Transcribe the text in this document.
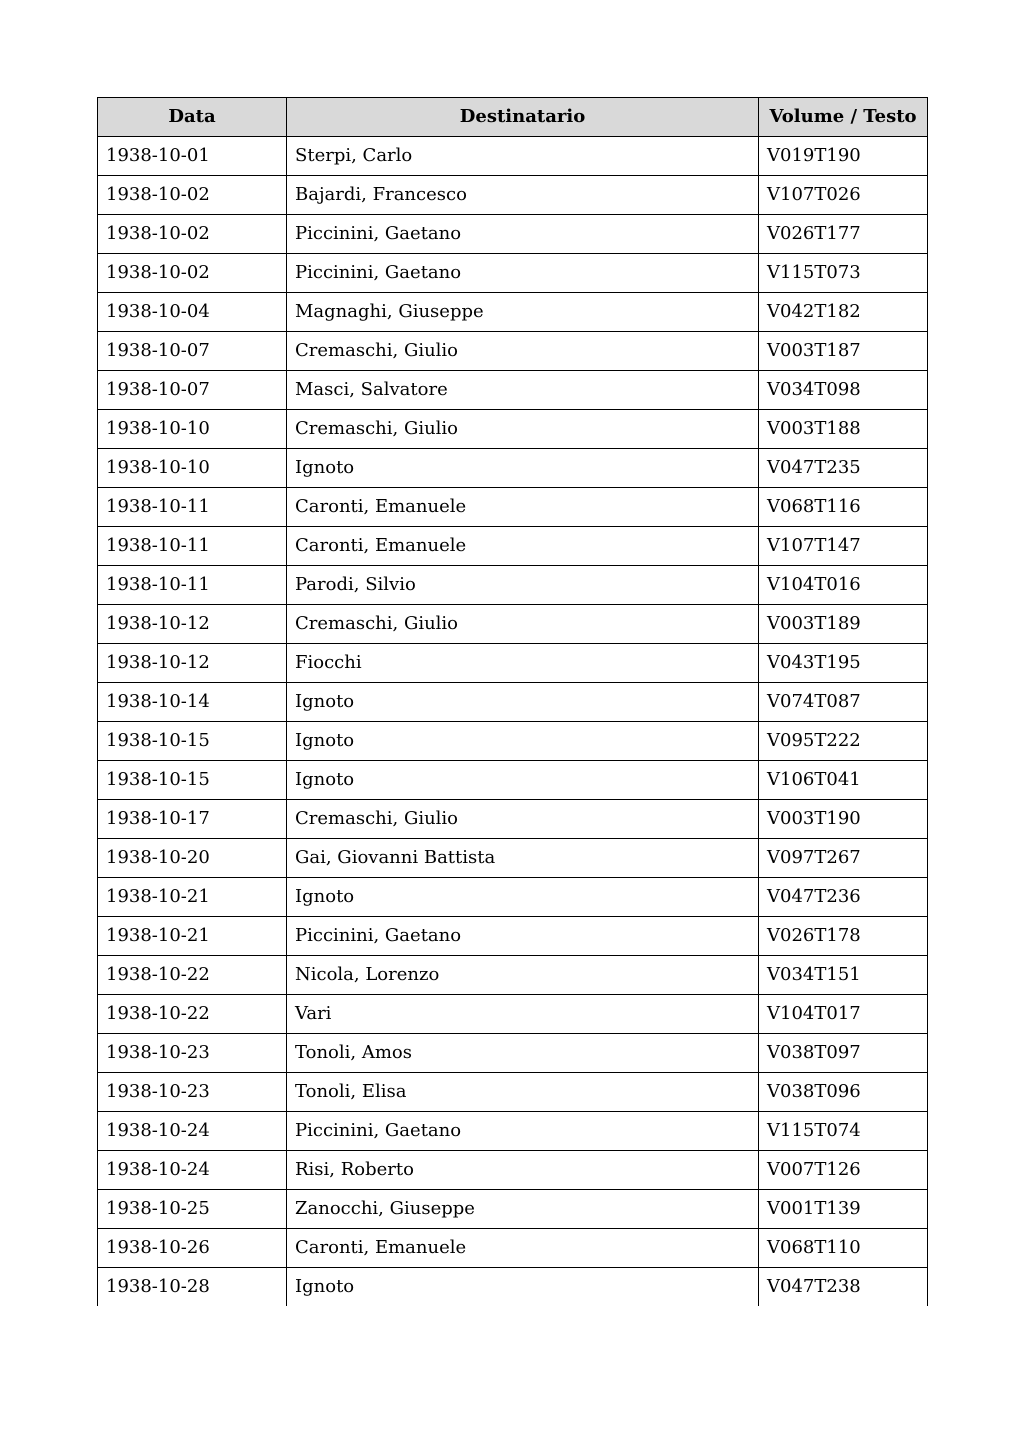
Data	Destinatario	Volume / Testo
1938-10-01	Sterpi, Carlo	V019T190
1938-10-02	Bajardi, Francesco	V107T026
1938-10-02	Piccinini, Gaetano	V026T177
1938-10-02	Piccinini, Gaetano	V115T073
1938-10-04	Magnaghi, Giuseppe	V042T182
1938-10-07	Cremaschi, Giulio	V003T187
1938-10-07	Masci, Salvatore	V034T098
1938-10-10	Cremaschi, Giulio	V003T188
1938-10-10	Ignoto	V047T235
1938-10-11	Caronti, Emanuele	V068T116
1938-10-11	Caronti, Emanuele	V107T147
1938-10-11	Parodi, Silvio	V104T016
1938-10-12	Cremaschi, Giulio	V003T189
1938-10-12	Fiocchi	V043T195
1938-10-14	Ignoto	V074T087
1938-10-15	Ignoto	V095T222
1938-10-15	Ignoto	V106T041
1938-10-17	Cremaschi, Giulio	V003T190
1938-10-20	Gai, Giovanni Battista	V097T267
1938-10-21	Ignoto	V047T236
1938-10-21	Piccinini, Gaetano	V026T178
1938-10-22	Nicola, Lorenzo	V034T151
1938-10-22	Vari	V104T017
1938-10-23	Tonoli, Amos	V038T097
1938-10-23	Tonoli, Elisa	V038T096
1938-10-24	Piccinini, Gaetano	V115T074
1938-10-24	Risi, Roberto	V007T126
1938-10-25	Zanocchi, Giuseppe	V001T139
1938-10-26	Caronti, Emanuele	V068T110
1938-10-28	Ignoto	V047T238
